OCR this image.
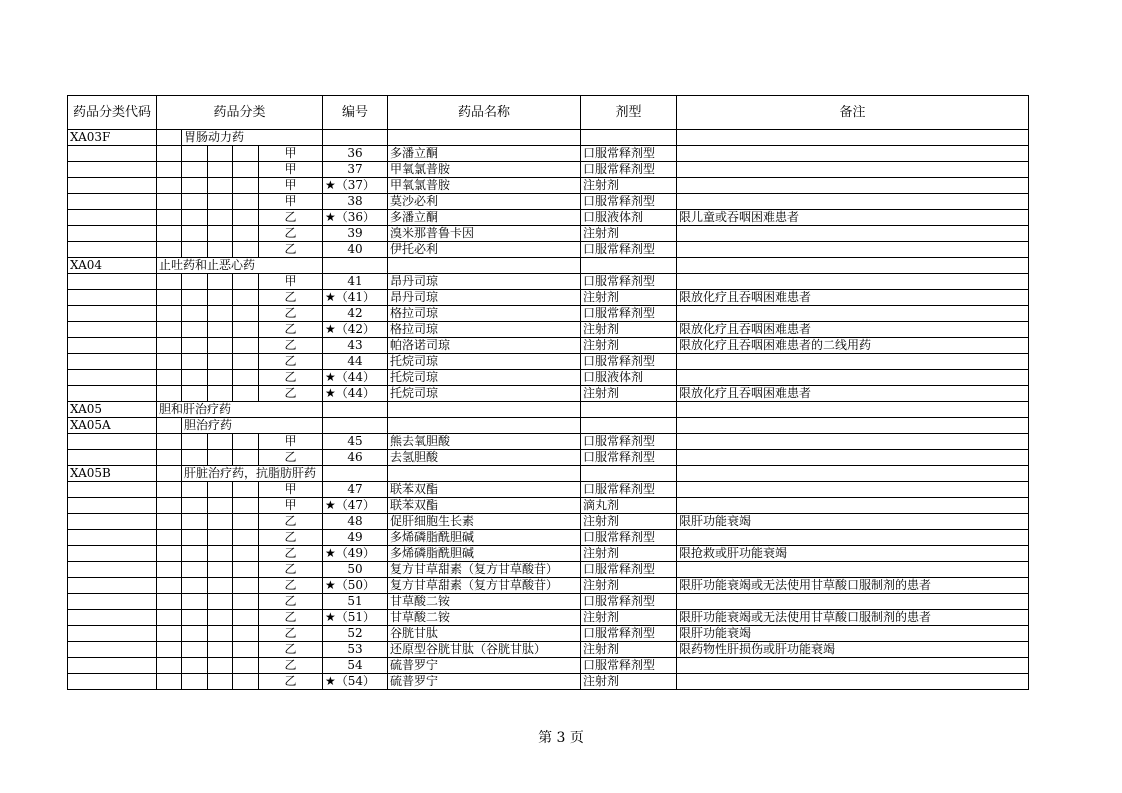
药品分类代码	药品分类					编号	药品名称	剂型	备注
XA03F		胃肠动力药							
					甲	36	多潘立酮	口服常释剂型	
					甲	37	甲氧氯普胺	口服常释剂型	
					甲	★（37）	甲氧氯普胺	注射剂	
					甲	38	莫沙必利	口服常释剂型	
					乙	★（36）	多潘立酮	口服液体剂	限儿童或吞咽困难患者
					乙	39	溴米那普鲁卡因	注射剂	
					乙	40	伊托必利	口服常释剂型	
XA04	止吐药和止恶心药								
					甲	41	昂丹司琼	口服常释剂型	
					乙	★（41）	昂丹司琼	注射剂	限放化疗且吞咽困难患者
					乙	42	格拉司琼	口服常释剂型	
					乙	★（42）	格拉司琼	注射剂	限放化疗且吞咽困难患者
					乙	43	帕洛诺司琼	注射剂	限放化疗且吞咽困难患者的二线用药
					乙	44	托烷司琼	口服常释剂型	
					乙	★（44）	托烷司琼	口服液体剂	
					乙	★（44）	托烷司琼	注射剂	限放化疗且吞咽困难患者
XA05	胆和肝治疗药								
XA05A		胆治疗药							
					甲	45	熊去氧胆酸	口服常释剂型	
					乙	46	去氢胆酸	口服常释剂型	
XA05B		肝脏治疗药，抗脂肪肝药							
					甲	47	联苯双酯	口服常释剂型	
					甲	★（47）	联苯双酯	滴丸剂	
					乙	48	促肝细胞生长素	注射剂	限肝功能衰竭
					乙	49	多烯磷脂酰胆碱	口服常释剂型	
					乙	★（49）	多烯磷脂酰胆碱	注射剂	限抢救或肝功能衰竭
					乙	50	复方甘草甜素（复方甘草酸苷）	口服常释剂型	
					乙	★（50）	复方甘草甜素（复方甘草酸苷）	注射剂	限肝功能衰竭或无法使用甘草酸口服制剂的患者
					乙	51	甘草酸二铵	口服常释剂型	
					乙	★（51）	甘草酸二铵	注射剂	限肝功能衰竭或无法使用甘草酸口服制剂的患者
					乙	52	谷胱甘肽	口服常释剂型	限肝功能衰竭
					乙	53	还原型谷胱甘肽（谷胱甘肽）	注射剂	限药物性肝损伤或肝功能衰竭
					乙	54	硫普罗宁	口服常释剂型	
					乙	★（54）	硫普罗宁	注射剂	
第 3 页
